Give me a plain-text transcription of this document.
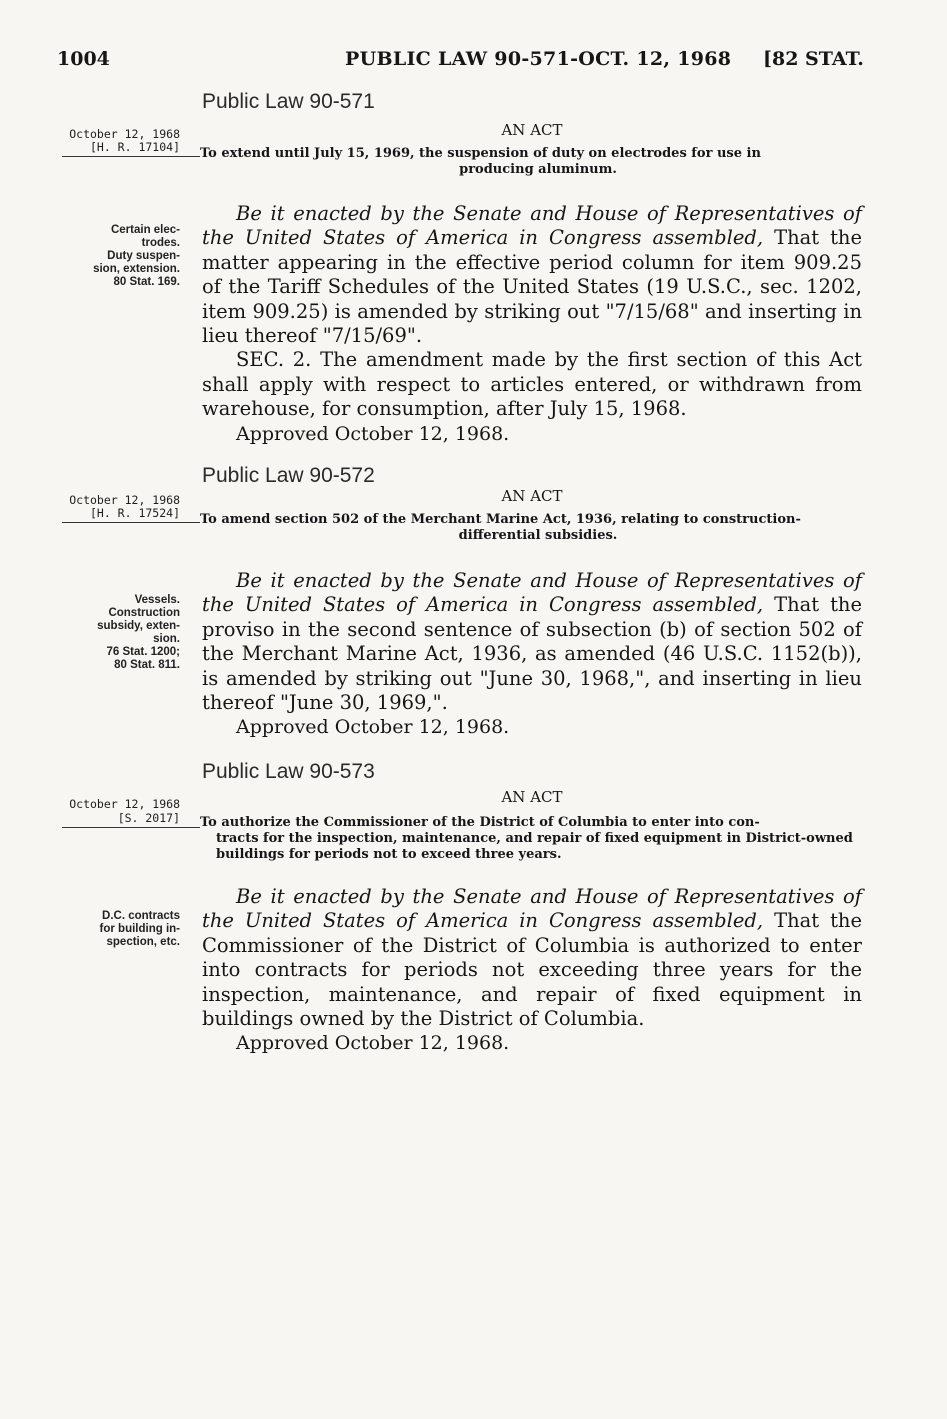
1004	PUBLIC LAW 90-571-OCT. 12, 1968 [82 STAT.
Public Law 90-571
October 12, 1968
[H. R. 17104]
AN ACT
To extend until July 15, 1969, the suspension of duty on electrodes for use in
producing aluminum.
Certain elec-
trodes.
Duty suspen-
sion, extension.
80 Stat. 169.

Be it enacted by the Senate and House of Representatives of the United States of America in Congress assembled, That the matter appearing in the effective period column for item 909.25 of the Tariff Schedules of the United States (19 U.S.C., sec. 1202, item 909.25) is amended by striking out "7/15/68" and inserting in lieu thereof "7/15/69".

SEC. 2. The amendment made by the first section of this Act shall apply with respect to articles entered, or withdrawn from warehouse, for consumption, after July 15, 1968.

Approved October 12, 1968.

Public Law 90-572
October 12, 1968
[H. R. 17524]
AN ACT
To amend section 502 of the Merchant Marine Act, 1936, relating to construction-
differential subsidies.
Vessels.
Construction
subsidy, exten-
sion.
76 Stat. 1200;
80 Stat. 811.

Be it enacted by the Senate and House of Representatives of the United States of America in Congress assembled, That the proviso in the second sentence of subsection (b) of section 502 of the Merchant Marine Act, 1936, as amended (46 U.S.C. 1152(b)), is amended by striking out "June 30, 1968,", and inserting in lieu thereof "June 30, 1969,".

Approved October 12, 1968.

Public Law 90-573
October 12, 1968
[S. 2017]
AN ACT
To authorize the Commissioner of the District of Columbia to enter into con-
tracts for the inspection, maintenance, and repair of fixed equipment in District-owned buildings for periods not to exceed three years.
D.C. contracts
for building in-
spection, etc.

Be it enacted by the Senate and House of Representatives of the United States of America in Congress assembled, That the Commissioner of the District of Columbia is authorized to enter into contracts for periods not exceeding three years for the inspection, maintenance, and repair of fixed equipment in buildings owned by the District of Columbia.

Approved October 12, 1968.
